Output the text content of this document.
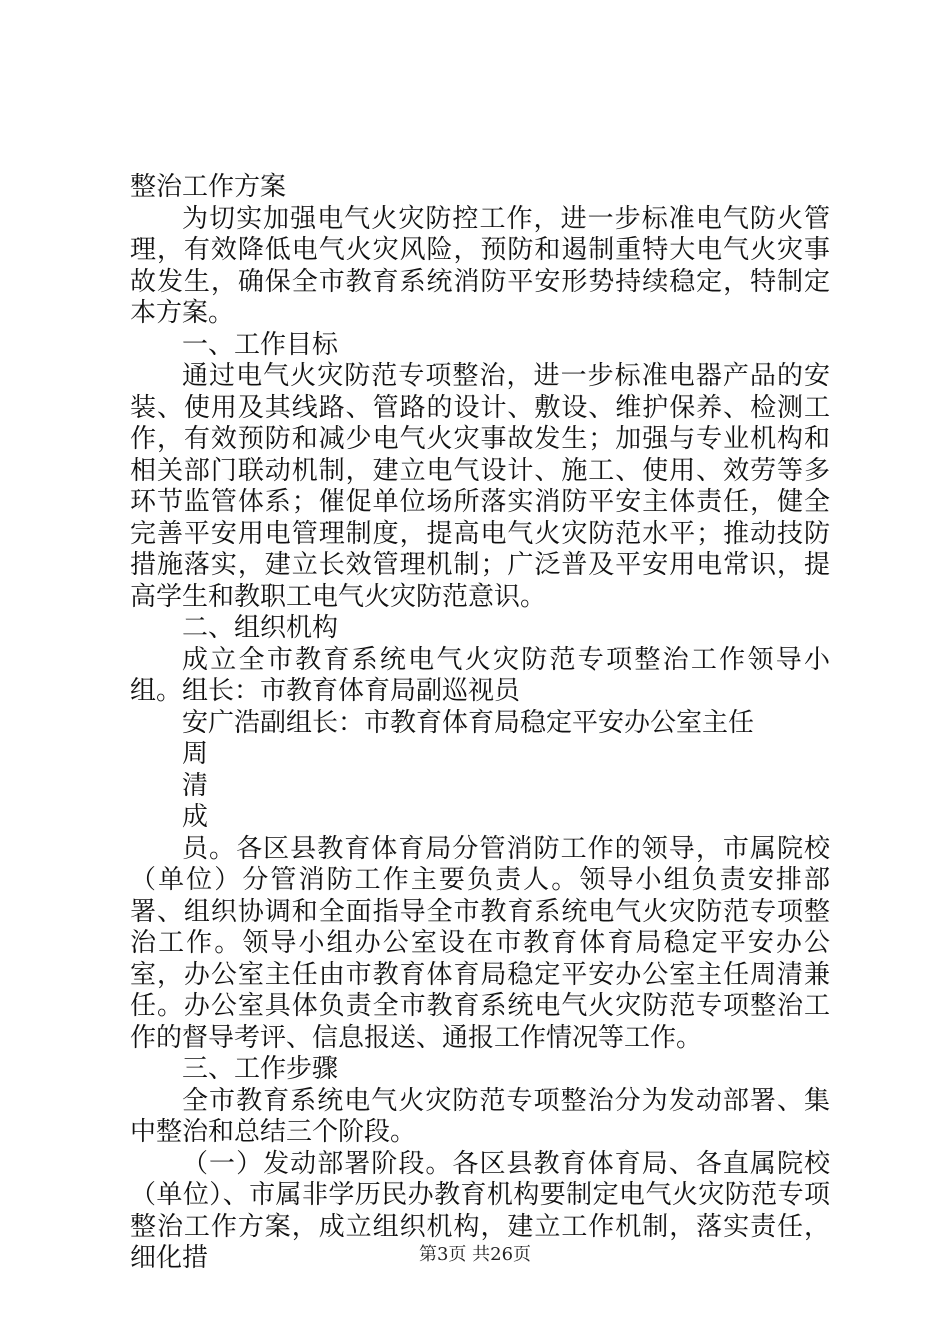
整治工作方案

为切实加强电气火灾防控工作，进一步标准电气防火管理，有效降低电气火灾风险，预防和遏制重特大电气火灾事故发生，确保全市教育系统消防平安形势持续稳定，特制定本方案。

一、工作目标

通过电气火灾防范专项整治，进一步标准电器产品的安装、使用及其线路、管路的设计、敷设、维护保养、检测工作，有效预防和减少电气火灾事故发生；加强与专业机构和相关部门联动机制，建立电气设计、施工、使用、效劳等多环节监管体系；催促单位场所落实消防平安主体责任，健全完善平安用电管理制度，提高电气火灾防范水平；推动技防措施落实，建立长效管理机制；广泛普及平安用电常识，提高学生和教职工电气火灾防范意识。

二、组织机构

成立全市教育系统电气火灾防范专项整治工作领导小组。组长：市教育体育局副巡视员

安广浩副组长：市教育体育局稳定平安办公室主任

周

清

成

员。各区县教育体育局分管消防工作的领导，市属院校（单位）分管消防工作主要负责人。领导小组负责安排部署、组织协调和全面指导全市教育系统电气火灾防范专项整治工作。领导小组办公室设在市教育体育局稳定平安办公室，办公室主任由市教育体育局稳定平安办公室主任周清兼任。办公室具体负责全市教育系统电气火灾防范专项整治工作的督导考评、信息报送、通报工作情况等工作。

三、工作步骤

全市教育系统电气火灾防范专项整治分为发动部署、集中整治和总结三个阶段。

（一）发动部署阶段。各区县教育体育局、各直属院校（单位）、市属非学历民办教育机构要制定电气火灾防范专项整治工作方案，成立组织机构，建立工作机制，落实责任，细化措	第3页 共26页
